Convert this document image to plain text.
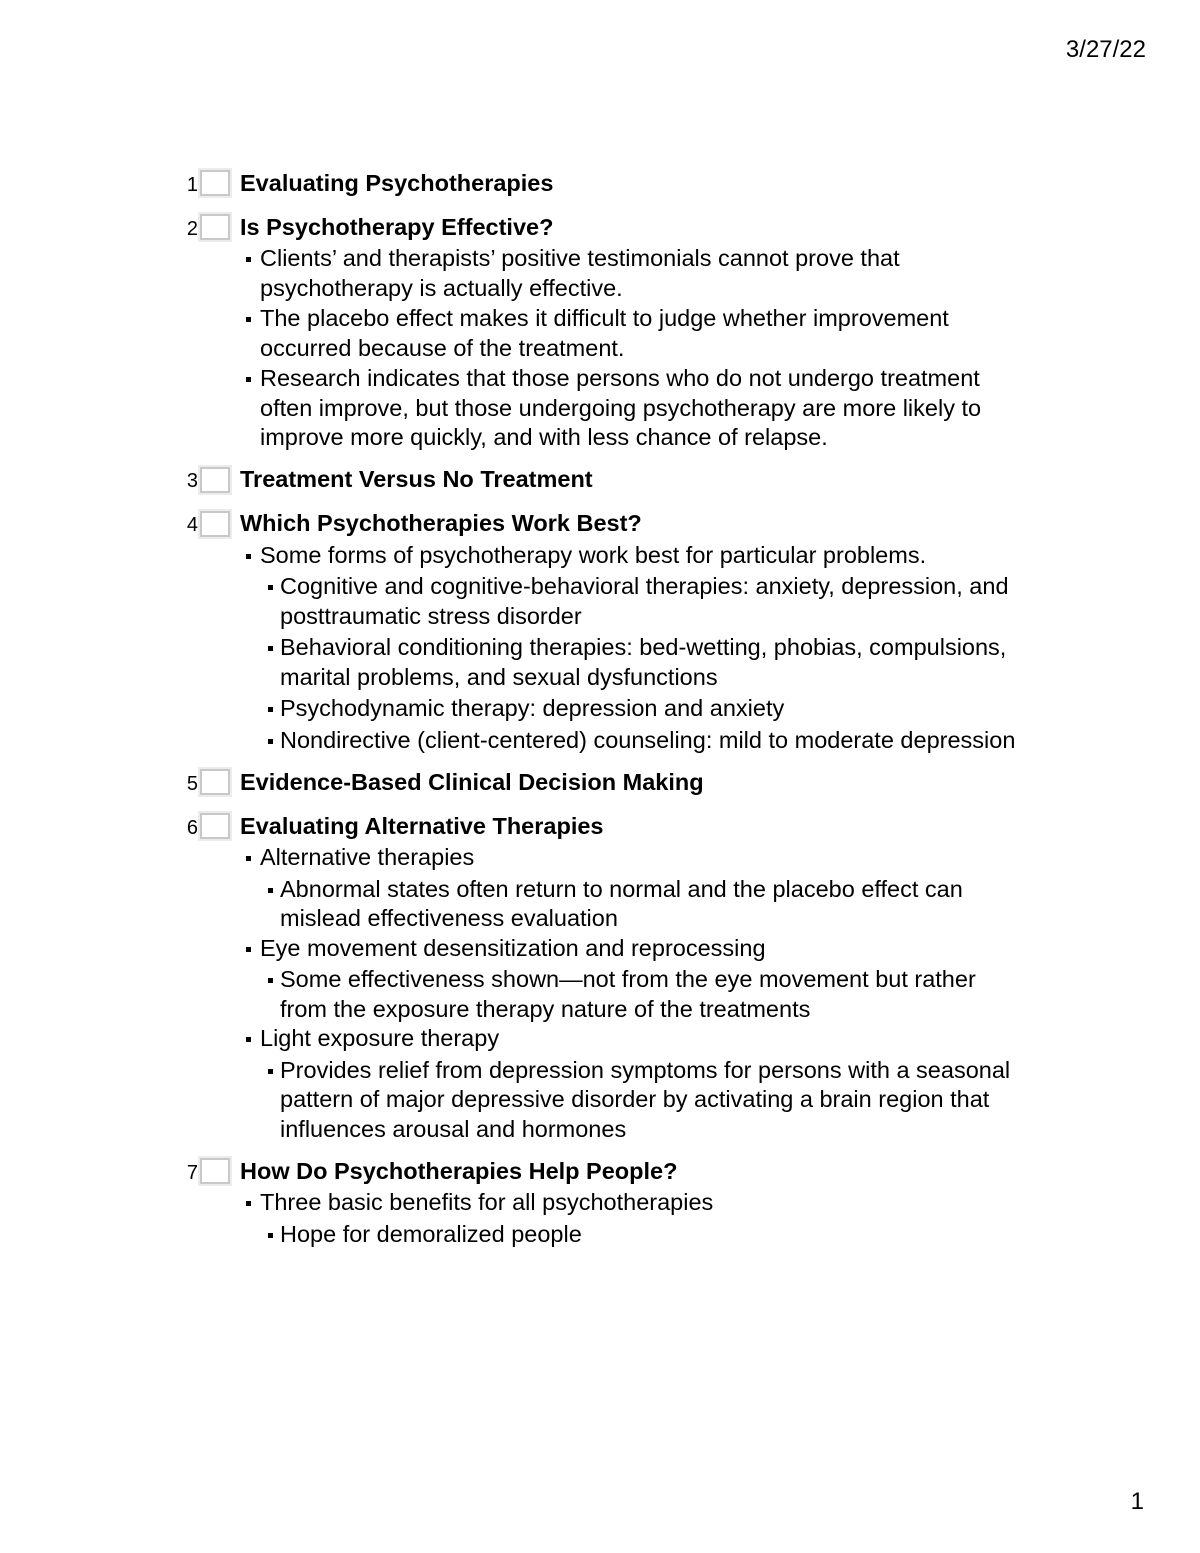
3/27/22
1 Evaluating Psychotherapies
2 Is Psychotherapy Effective?
Clients’ and therapists’ positive testimonials cannot prove that psychotherapy is actually effective.
The placebo effect makes it difficult to judge whether improvement occurred because of the treatment.
Research indicates that those persons who do not undergo treatment often improve, but those undergoing psychotherapy are more likely to improve more quickly, and with less chance of relapse.
3 Treatment Versus No Treatment
4 Which Psychotherapies Work Best?
Some forms of psychotherapy work best for particular problems.
Cognitive and cognitive-behavioral therapies: anxiety, depression, and posttraumatic stress disorder
Behavioral conditioning therapies: bed-wetting, phobias, compulsions, marital problems, and sexual dysfunctions
Psychodynamic therapy: depression and anxiety
Nondirective (client-centered) counseling: mild to moderate depression
5 Evidence-Based Clinical Decision Making
6 Evaluating Alternative Therapies
Alternative therapies
Abnormal states often return to normal and the placebo effect can mislead effectiveness evaluation
Eye movement desensitization and reprocessing
Some effectiveness shown—not from the eye movement but rather from the exposure therapy nature of the treatments
Light exposure therapy
Provides relief from depression symptoms for persons with a seasonal pattern of major depressive disorder by activating a brain region that influences arousal and hormones
7 How Do Psychotherapies Help People?
Three basic benefits for all psychotherapies
Hope for demoralized people
1
